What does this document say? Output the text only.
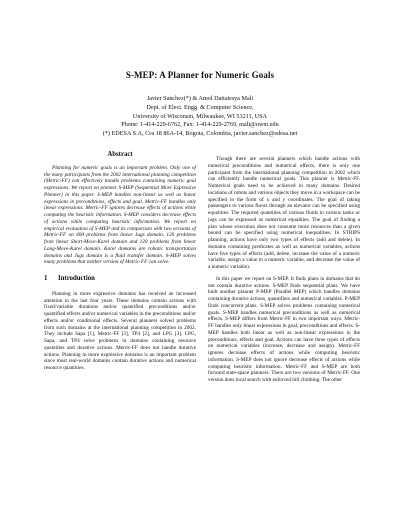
S-MEP: A Planner for Numeric Goals
Javier Sanchez(*) & Amol Dattatraya Mali
Dept. of Elect. Engg. & Computer Science,
University of Wisconsin, Milwaukee, WI 53211, USA
Phone: 1-414-229-6762, Fax: 1-414-229-2769, mali@uwm.edu
(*) EDESA S.A, Cra 18 86A-14, Bogota, Colombia, javier.sanchez@edesa.net
Abstract

Planning for numeric goals is an important problem. Only one of the many participants from the 2002 international planning competition (Metric-FF) can effectively handle problems containing numeric goal expressions. We report on planner S-MEP (Sequential More Expressive Planner) in this paper. S-MEP handles non-linear as well as linear expressions in preconditions, effects and goal. Metric-FF handles only linear expressions. Metric-FF ignores decrease effects of actions while computing the heuristic information. S-MEP considers decrease effects of actions while computing heuristic information. We report on empirical evaluation of S-MEP and its comparison with two versions of Metric-FF on 400 problems from linear Jugs domain, 120 problems from linear Short-Move-Karel domain and 120 problems from linear Long-Move-Karel domain. Karel domains are robotic transportation domains and Jugs domain is a fluid transfer domain. S-MEP solves many problems that neither version of Metric-FF can solve.

1 Introduction

Planning in more expressive domains has received an increased attention in the last four years. These domains contain actions with fixed/variable durations and/or quantified preconditions and/or quantified effects and/or numerical variables in the preconditions and/or effects and/or conditional effects. Several planners solved problems from such domains at the international planning competition in 2002. They include Sapa [1], Metric-FF [3], TP4 [2], and LPG [3]. LPG, Sapa, and TP4 solve problems in domains containing resource quantities and durative actions. Metric-FF does not handle durative actions. Planning in more expressive domains is an important problem since most real-world domains contain durative actions and numerical resource quantities.

Though there are several planners which handle actions with numerical preconditions and numerical effects, there is only one participant from the international planning competition in 2002 which can efficiently handle numerical goals. This planner is Metric-FF. Numerical goals need to be achieved in many domains. Desired locations of robots and various objects they move in a workspace can be specified in the form of x and y coordinates. The goal of taking passengers to various floors through an elevator can be specified using equalities. The required quantities of various fluids in various tanks or jugs can be expressed as numerical equalities. The goal of finding a plan whose execution does not consume more resources than a given bound can be specified using numerical inequalities. In STRIPS planning, actions have only two types of effects (add and delete). In domains containing predicates as well as numerical variables, actions have five types of effects (add, delete, increase the value of a numeric variable, assign a value to a numeric variable, and decrease the value of a numeric variable).

In this paper we report on S-MEP. It finds plans in domains that do not contain durative actions. S-MEP finds sequential plans. We have built another planner P-MEP (Parallel MEP) which handles domains containing durative actions, quantifiers and numerical variables. P-MEP finds concurrent plans. S-MEP solves problems containing numerical goals. S-MEP handles numerical preconditions as well as numerical effects. S-MEP differs from Metric-FF in two important ways. Metric-FF handles only linear expressions in goal, preconditions and effects. S-MEP handles both linear as well as non-linear expressions in the preconditions, effects and goal. Actions can have three types of effects on numerical variables (increase, decrease and assign). Metric-FF ignores decrease effects of actions while computing heuristic information. S-MEP does not ignore decrease effects of actions while computing heuristic information. Metric-FF and S-MEP are both forward state-space planners. There are two versions of Metric-FF. One version does local search with enforced hill climbing. The other
